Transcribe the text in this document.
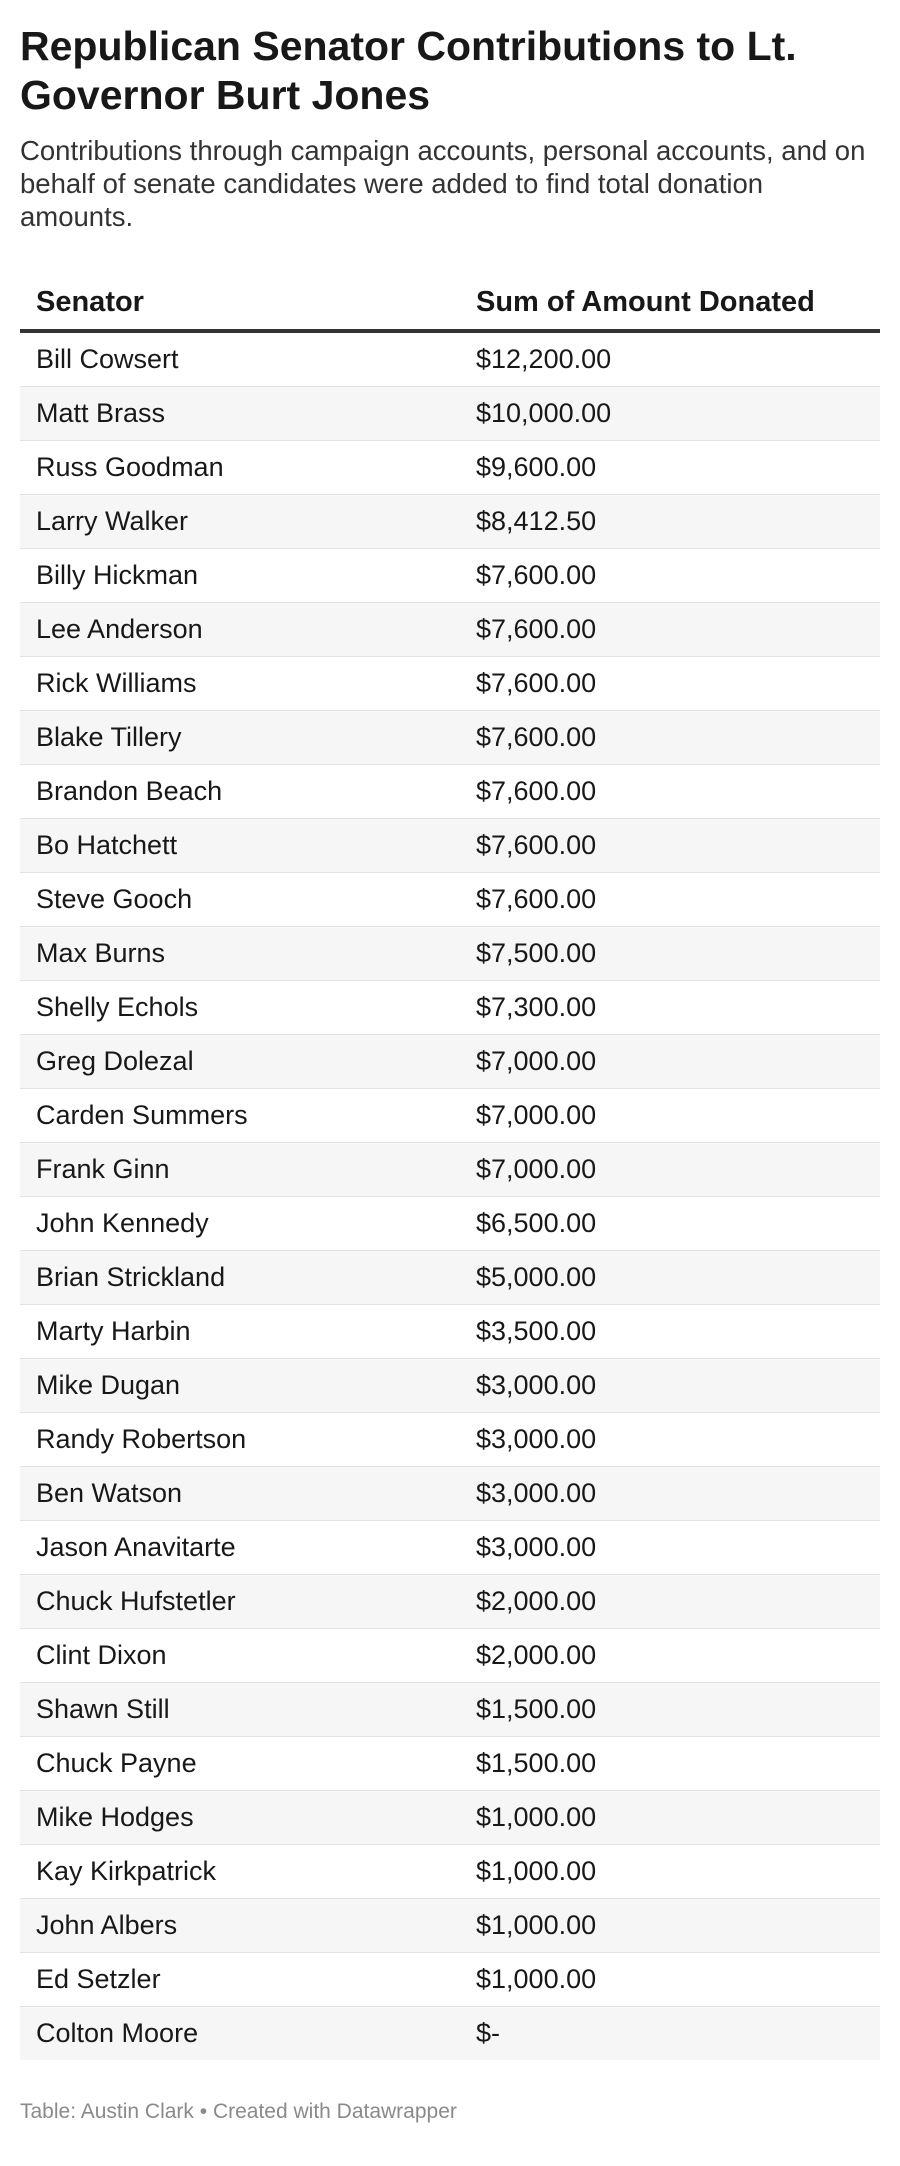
Republican Senator Contributions to Lt. Governor Burt Jones

Contributions through campaign accounts, personal accounts, and on behalf of senate candidates were added to find total donation amounts.

Senator	Sum of Amount Donated
Bill Cowsert	$12,200.00
Matt Brass	$10,000.00
Russ Goodman	$9,600.00
Larry Walker	$8,412.50
Billy Hickman	$7,600.00
Lee Anderson	$7,600.00
Rick Williams	$7,600.00
Blake Tillery	$7,600.00
Brandon Beach	$7,600.00
Bo Hatchett	$7,600.00
Steve Gooch	$7,600.00
Max Burns	$7,500.00
Shelly Echols	$7,300.00
Greg Dolezal	$7,000.00
Carden Summers	$7,000.00
Frank Ginn	$7,000.00
John Kennedy	$6,500.00
Brian Strickland	$5,000.00
Marty Harbin	$3,500.00
Mike Dugan	$3,000.00
Randy Robertson	$3,000.00
Ben Watson	$3,000.00
Jason Anavitarte	$3,000.00
Chuck Hufstetler	$2,000.00
Clint Dixon	$2,000.00
Shawn Still	$1,500.00
Chuck Payne	$1,500.00
Mike Hodges	$1,000.00
Kay Kirkpatrick	$1,000.00
John Albers	$1,000.00
Ed Setzler	$1,000.00
Colton Moore	$-
Table: Austin Clark • Created with Datawrapper
